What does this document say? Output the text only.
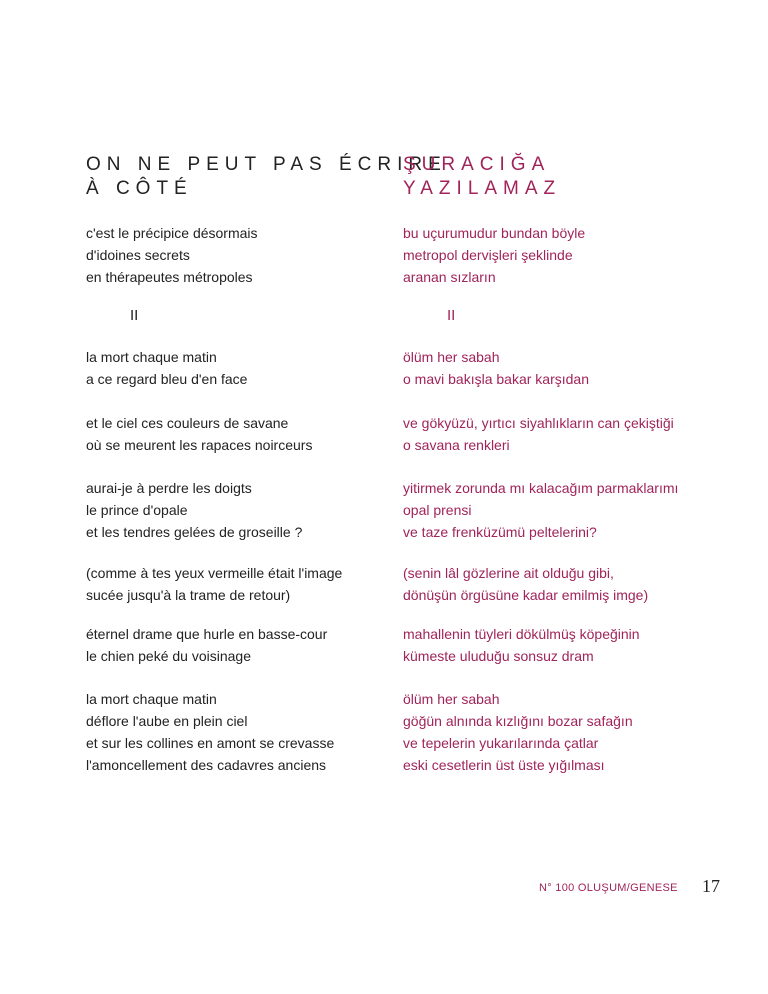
ON NE PEUT PAS ÉCRIRE
À CÔTÉ
c'est le précipice désormais
d'idoines secrets
en thérapeutes métropoles
II
la mort chaque matin
a ce regard bleu d'en face
et le ciel ces couleurs de savane
où se meurent les rapaces noirceurs
aurai-je à perdre les doigts
le prince d'opale
et les tendres gelées de groseille ?
(comme à tes yeux vermeille était l'image
sucée jusqu'à la trame de retour)
éternel drame que hurle en basse-cour
le chien peké du voisinage
la mort chaque matin
déflore l'aube en plein ciel
et sur les collines en amont se crevasse
l'amoncellement des cadavres anciens
ŞURACIĞA
YAZILAMAZ
bu uçurumudur bundan böyle
metropol dervişleri şeklinde
aranan sızların
II
ölüm her sabah
o mavi bakışla bakar karşıdan
ve gökyüzü, yırtıcı siyahlıkların can çekiştiği
o savana renkleri
yitirmek zorunda mı kalacağım parmaklarımı
opal prensi
ve taze frenküzümü peltelerini?
(senin lâl gözlerine ait olduğu gibi,
dönüşün örgüsüne kadar emilmiş imge)
mahallenin tüyleri dökülmüş köpeğinin
kümeste uluduğu sonsuz dram
ölüm her sabah
göğün alnında kızlığını bozar safağın
ve tepelerin yukarılarında çatlar
eski cesetlerin üst üste yığılması
N° 100 OLUŞUM/GENESE 17
